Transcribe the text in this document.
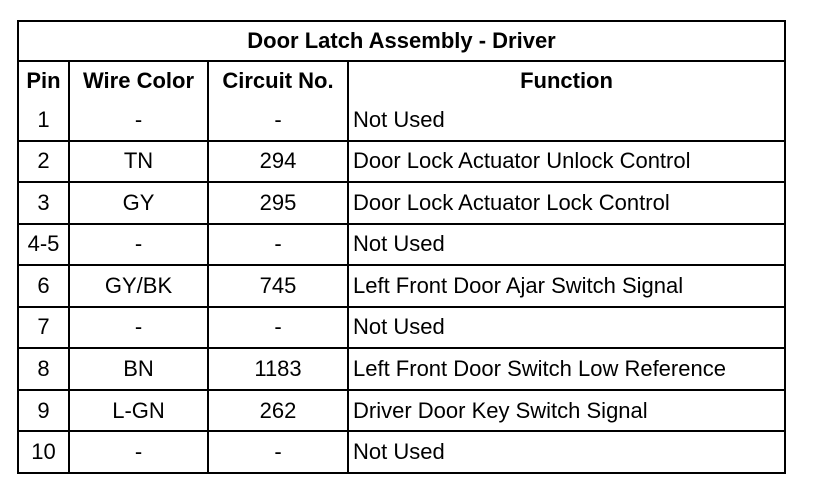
Door Latch Assembly - Driver			
Pin	Wire Color	Circuit No.	Function
1	-	-	Not Used
2	TN	294	Door Lock Actuator Unlock Control
3	GY	295	Door Lock Actuator Lock Control
4-5	-	-	Not Used
6	GY/BK	745	Left Front Door Ajar Switch Signal
7	-	-	Not Used
8	BN	1183	Left Front Door Switch Low Reference
9	L-GN	262	Driver Door Key Switch Signal
10	-	-	Not Used
